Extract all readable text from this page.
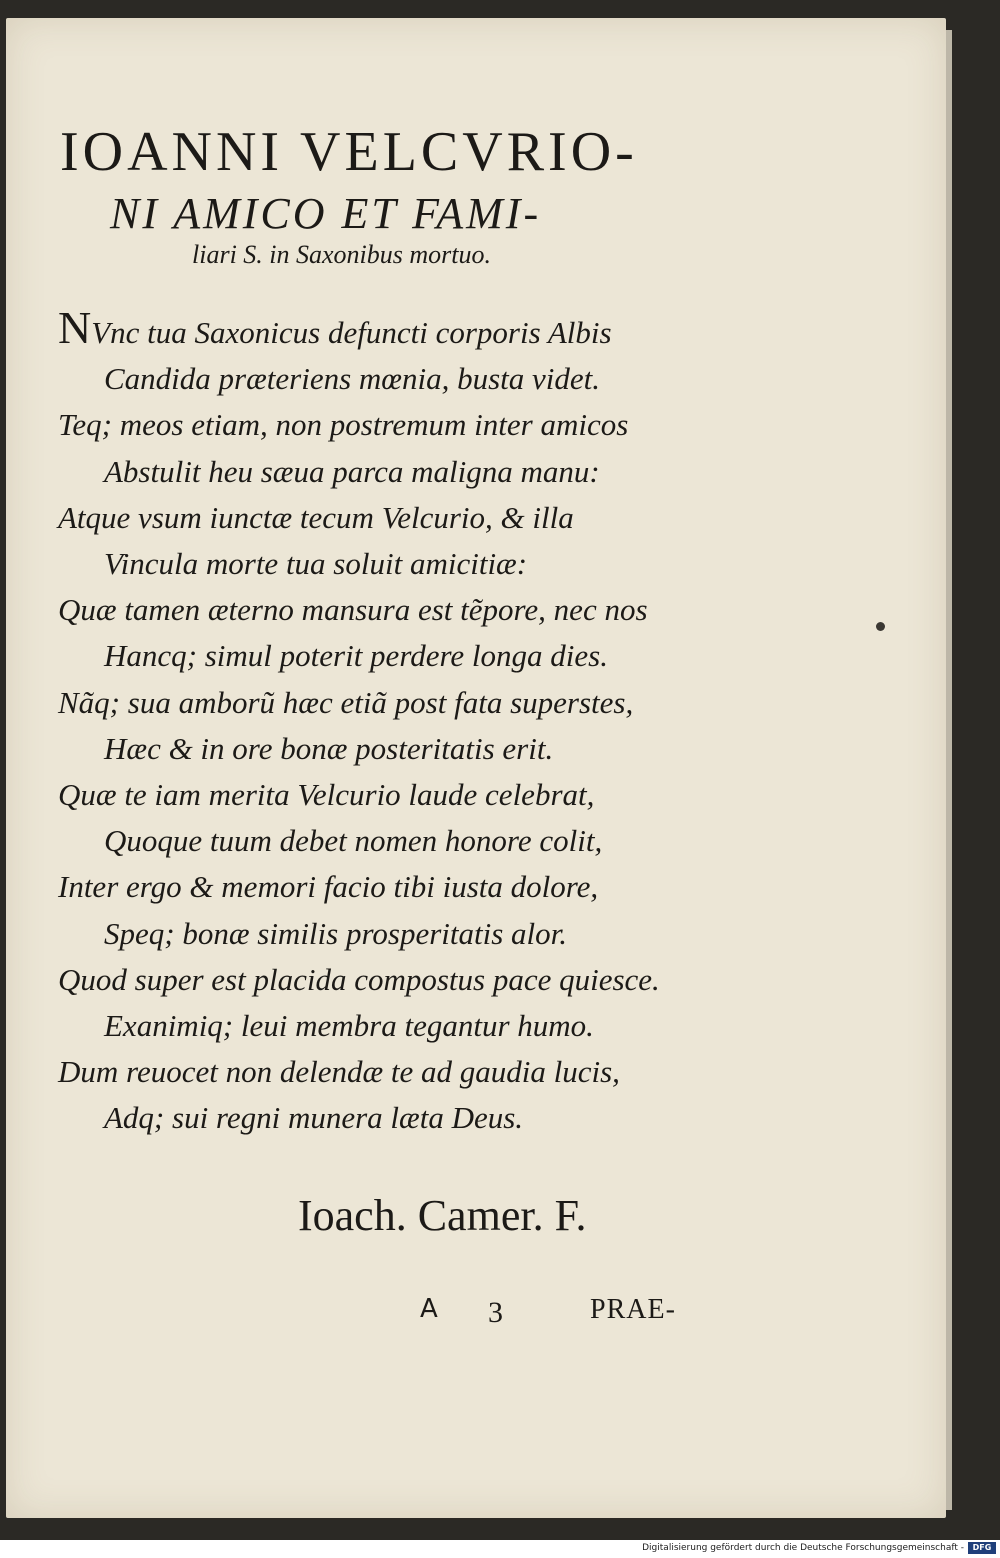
IOANNI VELCVRIO-
NI AMICO ET FAMI-
liari S. in Saxonibus mortuo.
NVnc tua Saxonicus defuncti corporis Albis
Candida præteriens mœnia, busta videt.
Teq; meos etiam, non postremum inter amicos
Abstulit heu sæua parca maligna manu:
Atque vsum iunctæ tecum Velcurio, & illa
Vincula morte tua soluit amicitiæ:
Quæ tamen æterno mansura est tẽpore, nec nos
Hancq; simul poterit perdere longa dies.
Nãq; sua amborũ hæc etiã post fata superstes,
Hæc & in ore bonæ posteritatis erit.
Quæ te iam merita Velcurio laude celebrat,
Quoque tuum debet nomen honore colit,
Inter ergo & memori facio tibi iusta dolore,
Speq; bonæ similis prosperitatis alor.
Quod super est placida compostus pace quiesce.
Exanimiq; leui membra tegantur humo.
Dum reuocet non delendæ te ad gaudia lucis,
Adq; sui regni munera læta Deus.
Ioach. Camer. F.
A 3	PRAE-
Digitalisierung gefördert durch die Deutsche Forschungsgemeinschaft -	DFG
